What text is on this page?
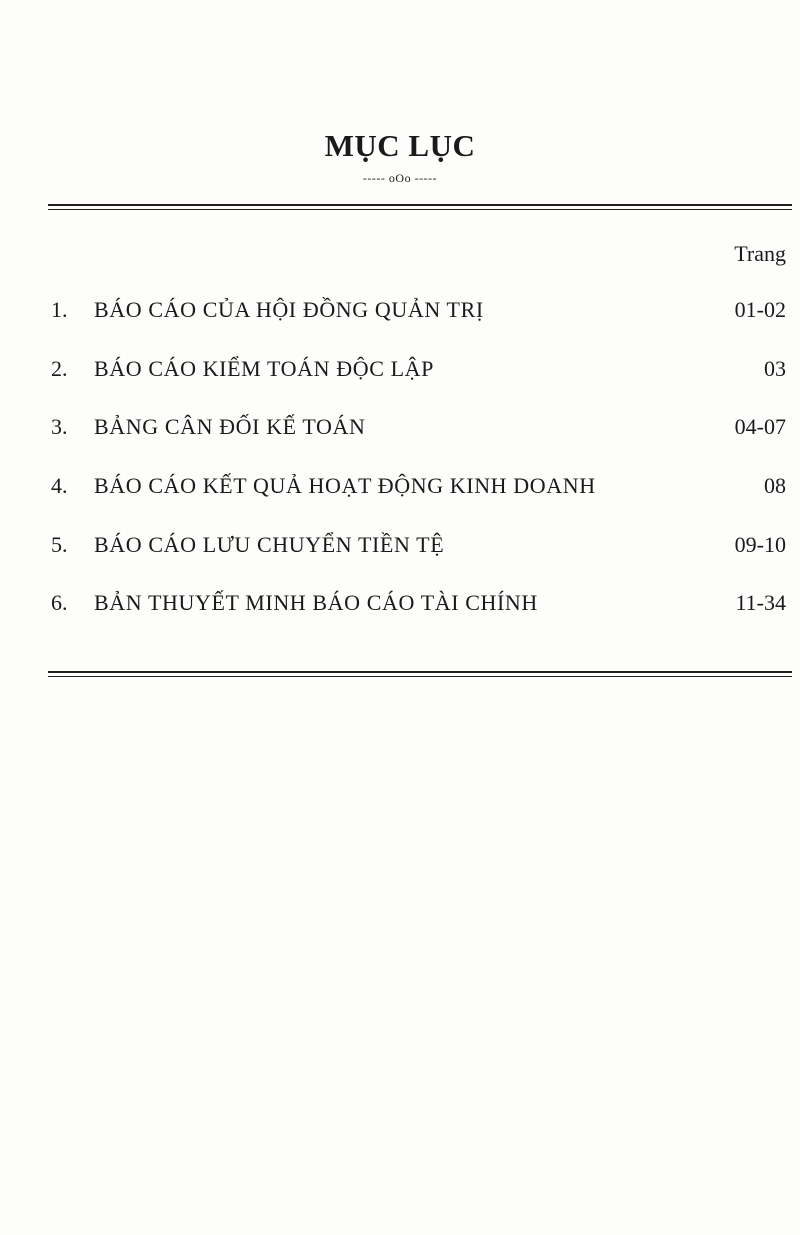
MỤC LỤC
----- oOo -----
Trang
1. BÁO CÁO CỦA HỘI ĐỒNG QUẢN TRỊ	01-02
2. BÁO CÁO KIỂM TOÁN ĐỘC LẬP	03
3. BẢNG CÂN ĐỐI KẾ TOÁN	04-07
4. BÁO CÁO KẾT QUẢ HOẠT ĐỘNG KINH DOANH	08
5. BÁO CÁO LƯU CHUYỂN TIỀN TỆ	09-10
6. BẢN THUYẾT MINH BÁO CÁO TÀI CHÍNH	11-34
